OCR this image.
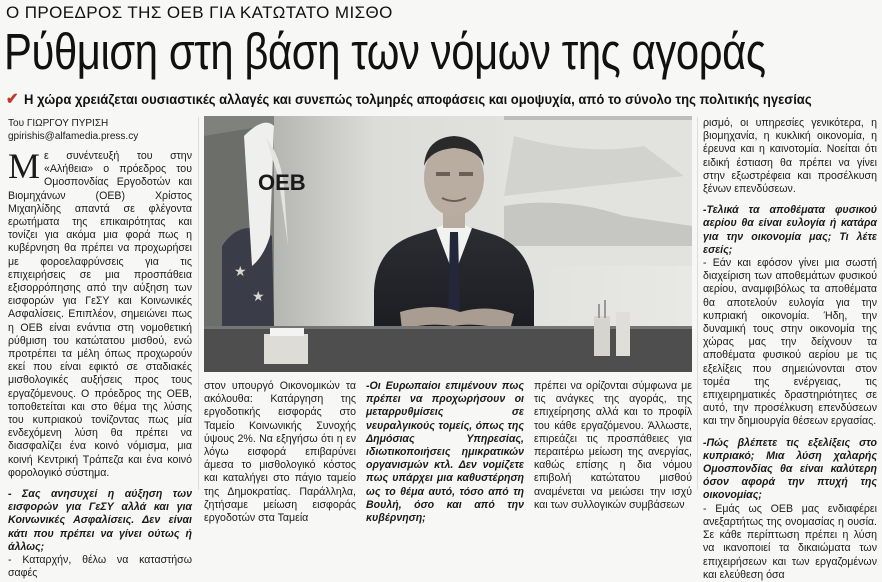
Ο ΠΡΟΕΔΡΟΣ ΤΗΣ ΟΕΒ ΓΙΑ ΚΑΤΩΤΑΤΟ ΜΙΣΘΟ
Ρύθμιση στη βάση των νόμων της αγοράς
✔ Η χώρα χρειάζεται ουσιαστικές αλλαγές και συνεπώς τολμηρές αποφάσεις και ομοψυχία, από το σύνολο της πολιτικής ηγεσίας
Του ΓΙΩΡΓΟΥ ΠΥΡΙΣΗ
gpirishis@alfamedia.press.cy

Με συνέντευξή του στην «Αλήθεια» ο πρόεδρος του Ομοσπονδίας Εργοδοτών και Βιομηχάνων (ΟΕΒ) Χρίστος Μιχαηλίδης απαντά σε φλέγοντα ερωτήματα της επικαιρότητας και τονίζει για ακόμα μια φορά πως η κυβέρνηση θα πρέπει να προχωρήσει με φοροελαφρύνσεις για τις επιχειρήσεις σε μια προσπάθεια εξισορρόπησης από την αύξηση των εισφορών για ΓεΣΥ και Κοινωνικές Ασφαλίσεις. Επιπλέον, σημειώνει πως η ΟΕΒ είναι ενάντια στη νομοθετική ρύθμιση του κατώτατου μισθού, ενώ προτρέπει τα μέλη όπως προχωρούν εκεί που είναι εφικτό σε σταδιακές μισθολογικές αυξήσεις προς τους εργαζόμενους. Ο πρόεδρος της ΟΕΒ, τοποθετείται και στο θέμα της λύσης του κυπριακού τονίζοντας πως μία ενδεχόμενη λύση θα πρέπει να διασφαλίζει ένα κοινό νόμισμα, μια κοινή Κεντρική Τράπεζα και ένα κοινό φορολογικό σύστημα.

- Σας ανησυχεί η αύξηση των εισφορών για ΓεΣΥ αλλά και για Κοινωνικές Ασφαλίσεις. Δεν είναι κάτι που πρέπει να γίνει ούτως ή άλλως;

- Καταρχήν, θέλω να καταστήσω σαφές

★
★
ΟΕΒ

στον υπουργό Οικονομικών τα ακόλουθα: Κατάργηση της εργοδοτικής εισφοράς στο Ταμείο Κοινωνικής Συνοχής ύψους 2%. Να εξηγήσω ότι η εν λόγω εισφορά επιβαρύνει άμεσα το μισθολογικό κόστος και καταλήγει στο πάγιο ταμείο της Δημοκρατίας. Παράλληλα, ζητήσαμε μείωση εισφοράς εργοδοτών στα Ταμεία

-Οι Ευρωπαίοι επιμένουν πως πρέπει να προχωρήσουν οι μεταρρυθμίσεις σε νευραλγικούς τομείς, όπως της Δημόσιας Υπηρεσίας, ιδιωτικοποιήσεις ημικρατικών οργανισμών κτλ. Δεν νομίζετε πως υπάρχει μια καθυστέρηση ως το θέμα αυτό, τόσο από τη Βουλή, όσο και από την κυβέρνηση;

πρέπει να ορίζονται σύμφωνα με τις ανάγκες της αγοράς, της επιχείρησης αλλά και το προφίλ του κάθε εργαζόμενου. Άλλωστε, επιρεάζει τις προσπάθειες για περαιτέρω μείωση της ανεργίας, καθώς επίσης η δια νόμου επιβολή κατώτατου μισθού αναμένεται να μειώσει την ισχύ και των συλλογικών συμβάσεων

ρισμό, οι υπηρεσίες γενικότερα, η βιομηχανία, η κυκλική οικονομία, η έρευνα και η καινοτομία. Νοείται ότι ειδική έστιαση θα πρέπει να γίνει στην εξωστρέφεια και προσέλκυση ξένων επενδύσεων.

-Τελικά τα αποθέματα φυσικού αερίου θα είναι ευλογία ή κατάρα για την οικονομία μας; Τι λέτε εσείς;

- Εάν και εφόσον γίνει μια σωστή διαχείριση των αποθεμάτων φυσικού αερίου, αναμφιβόλως τα αποθέματα θα αποτελούν ευλογία για την κυπριακή οικονομία. Ήδη, την δυναμική τους στην οικονομία της χώρας μας την δείχνουν τα αποθέματα φυσικού αερίου με τις εξελίξεις που σημειώνονται στον τομέα της ενέργειας, τις επιχειρηματικές δραστηριότητες σε αυτό, την προσέλκυση επενδύσεων και την δημιουργία θέσεων εργασίας.

-Πώς βλέπετε τις εξελίξεις στο κυπριακό; Μια λύση χαλαρής Ομοσπονδίας θα είναι καλύτερη όσον αφορά την πτυχή της οικονομίας;

- Εμάς ως ΟΕΒ μας ενδιαφέρει ανεξαρτήτως της ονομασίας η ουσία. Σε κάθε περίπτωση πρέπει η λύση να ικανοποιεί τα δικαιώματα των επιχειρήσεων και των εργαζομένων και ελεύθεση όσα
